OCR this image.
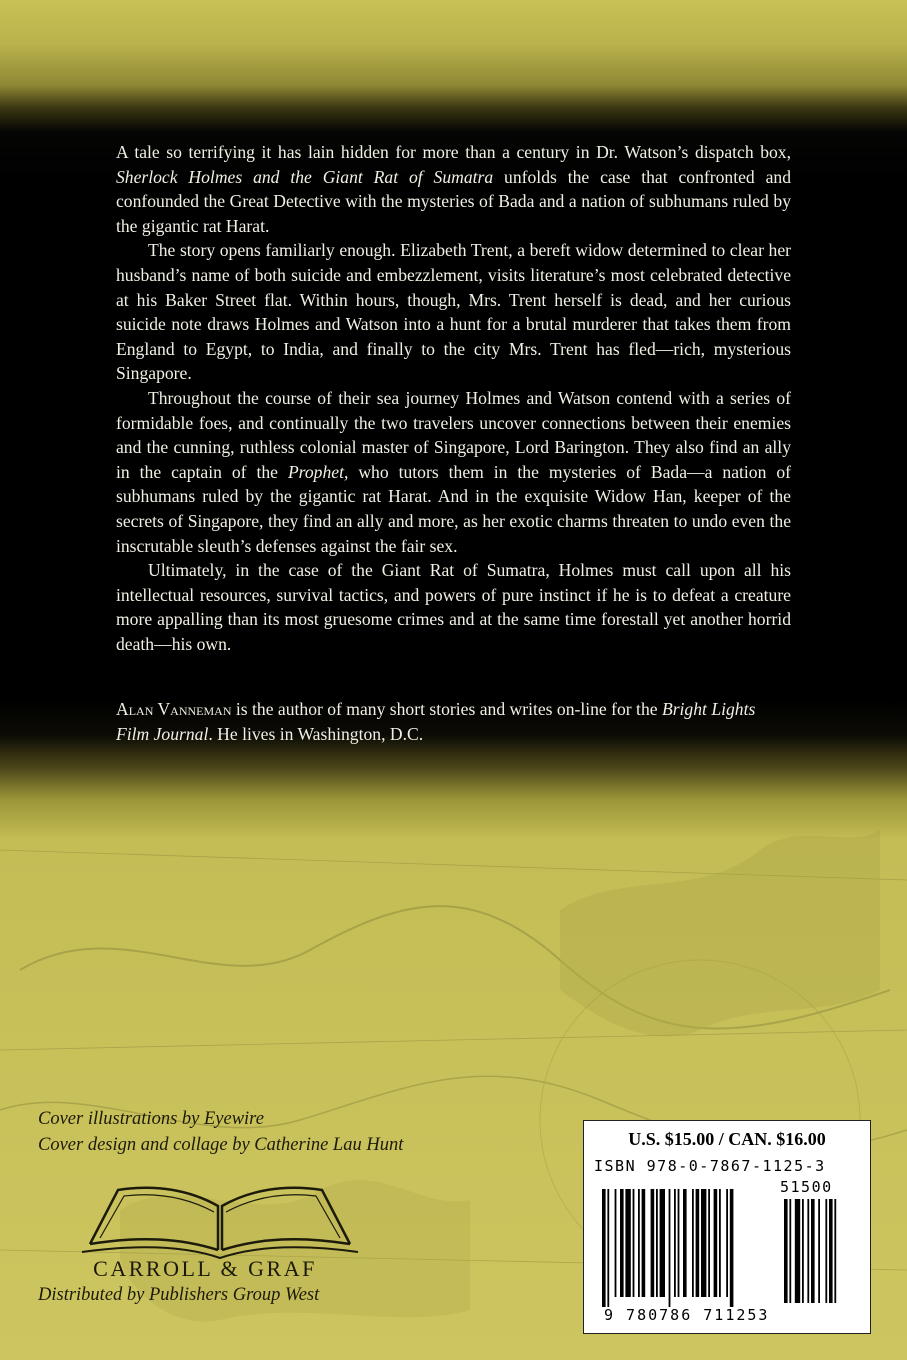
A tale so terrifying it has lain hidden for more than a century in Dr. Watson’s dispatch box, Sherlock Holmes and the Giant Rat of Sumatra unfolds the case that confronted and confounded the Great Detective with the mysteries of Bada and a nation of subhumans ruled by the gigantic rat Harat.

The story opens familiarly enough. Elizabeth Trent, a bereft widow determined to clear her husband’s name of both suicide and embezzlement, visits literature’s most celebrated detective at his Baker Street flat. Within hours, though, Mrs. Trent herself is dead, and her curious suicide note draws Holmes and Watson into a hunt for a brutal murderer that takes them from England to Egypt, to India, and finally to the city Mrs. Trent has fled—rich, mysterious Singapore.

Throughout the course of their sea journey Holmes and Watson contend with a series of formidable foes, and continually the two travelers uncover connections between their enemies and the cunning, ruthless colonial master of Singapore, Lord Barington. They also find an ally in the captain of the Prophet, who tutors them in the mysteries of Bada—a nation of subhumans ruled by the gigantic rat Harat. And in the exquisite Widow Han, keeper of the secrets of Singapore, they find an ally and more, as her exotic charms threaten to undo even the inscrutable sleuth’s defenses against the fair sex.

Ultimately, in the case of the Giant Rat of Sumatra, Holmes must call upon all his intellectual resources, survival tactics, and powers of pure instinct if he is to defeat a creature more appalling than its most gruesome crimes and at the same time forestall yet another horrid death—his own.

Alan Vanneman is the author of many short stories and writes on-line for the Bright Lights Film Journal. He lives in Washington, D.C.
Cover illustrations by Eyewire
Cover design and collage by Catherine Lau Hunt
CARROLL & GRAF
Distributed by Publishers Group West
U.S. $15.00 / CAN. $16.00
ISBN 978-0-7867-1125-3
51500
9 780786 711253
